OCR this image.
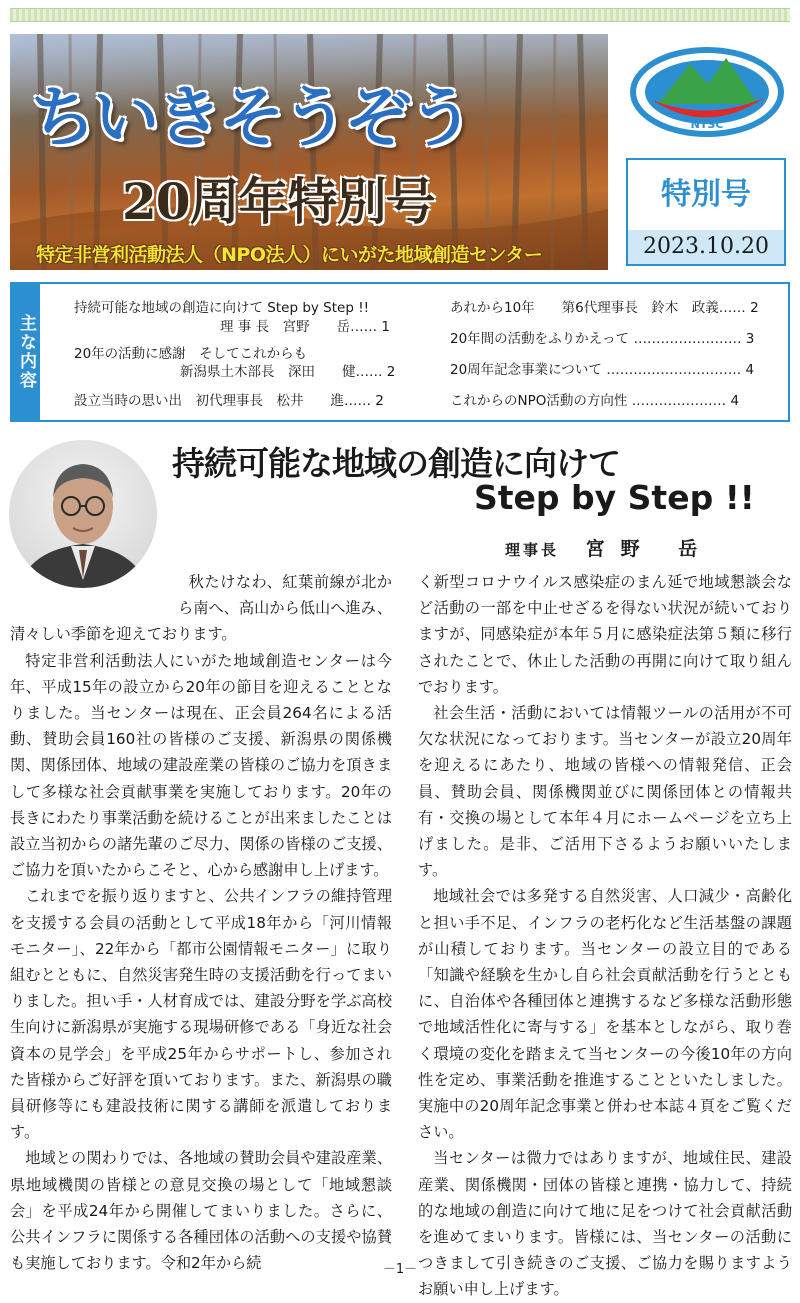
ちいきそうぞう
20周年特別号

特定非営利活動法人（NPO法人）にいがた地域創造センター

NTSC
特別号
2023.10.20
主な内容
持続可能な地域の創造に向けて Step by Step !!
理 事 長　宮野　　岳…… 1
20年の活動に感謝　そしてこれからも
新潟県土木部長　深田　　健…… 2
設立当時の思い出　初代理事長　松井　　進…… 2
あれから10年　　第6代理事長　鈴木　政義…… 2
20年間の活動をふりかえって …………………… 3
20周年記念事業について ………………………… 4
これからのNPO活動の方向性 ………………… 4
持続可能な地域の創造に向けて
Step by Step !!
理事長 宮野 岳

秋たけなわ、紅葉前線が北から南へ、高山から低山へ進み、清々しい季節を迎えております。

特定非営利活動法人にいがた地域創造センターは今年、平成15年の設立から20年の節目を迎えることとなりました。当センターは現在、正会員264名による活動、賛助会員160社の皆様のご支援、新潟県の関係機関、関係団体、地域の建設産業の皆様のご協力を頂きまして多様な社会貢献事業を実施しております。20年の長きにわたり事業活動を続けることが出来ましたことは設立当初からの諸先輩のご尽力、関係の皆様のご支援、ご協力を頂いたからこそと、心から感謝申し上げます。

これまでを振り返りますと、公共インフラの維持管理を支援する会員の活動として平成18年から「河川情報モニター」、22年から「都市公園情報モニター」に取り組むとともに、自然災害発生時の支援活動を行ってまいりました。担い手・人材育成では、建設分野を学ぶ高校生向けに新潟県が実施する現場研修である「身近な社会資本の見学会」を平成25年からサポートし、参加された皆様からご好評を頂いております。また、新潟県の職員研修等にも建設技術に関する講師を派遣しております。

地域との関わりでは、各地域の賛助会員や建設産業、県地域機関の皆様との意見交換の場として「地域懇談会」を平成24年から開催してまいりました。さらに、公共インフラに関係する各種団体の活動への支援や協賛も実施しております。令和2年から続

く新型コロナウイルス感染症のまん延で地域懇談会など活動の一部を中止せざるを得ない状況が続いておりますが、同感染症が本年５月に感染症法第５類に移行されたことで、休止した活動の再開に向けて取り組んでおります。

社会生活・活動においては情報ツールの活用が不可欠な状況になっております。当センターが設立20周年を迎えるにあたり、地域の皆様への情報発信、正会員、賛助会員、関係機関並びに関係団体との情報共有・交換の場として本年４月にホームページを立ち上げました。是非、ご活用下さるようお願いいたします。

地域社会では多発する自然災害、人口減少・高齢化と担い手不足、インフラの老朽化など生活基盤の課題が山積しております。当センターの設立目的である「知識や経験を生かし自ら社会貢献活動を行うとともに、自治体や各種団体と連携するなど多様な活動形態で地域活性化に寄与する」を基本としながら、取り巻く環境の変化を踏まえて当センターの今後10年の方向性を定め、事業活動を推進することといたしました。実施中の20周年記念事業と併わせ本誌４頁をご覧ください。

当センターは微力ではありますが、地域住民、建設産業、関係機関・団体の皆様と連携・協力して、持続的な地域の創造に向けて地に足をつけて社会貢献活動を進めてまいります。皆様には、当センターの活動につきまして引き続きのご支援、ご協力を賜りますようお願い申し上げます。

－1－
